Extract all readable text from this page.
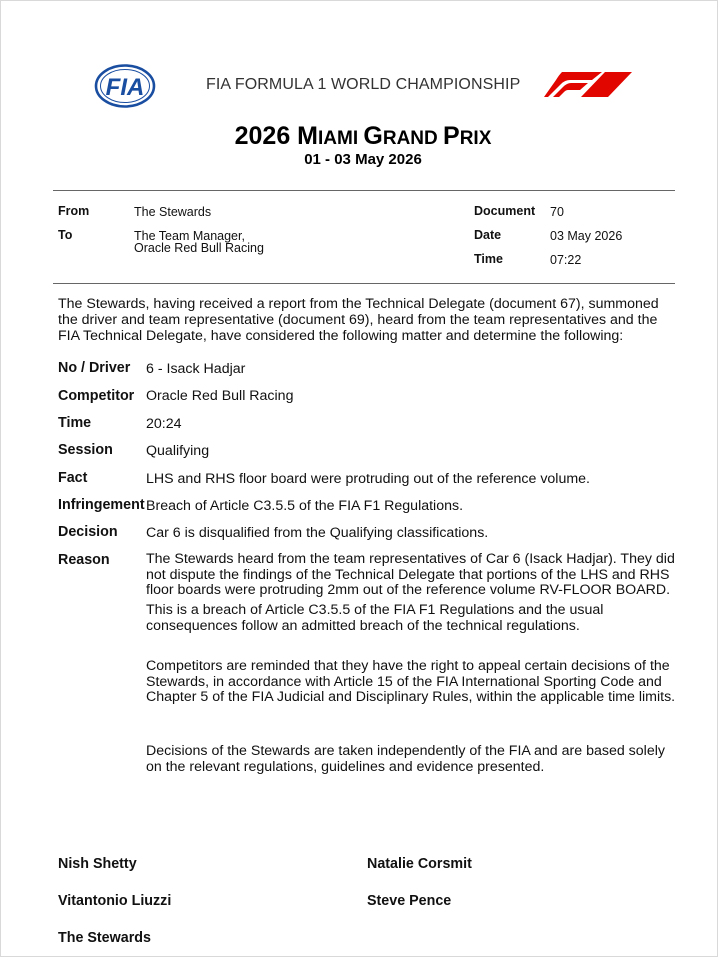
FIA	FIA FORMULA 1 WORLD CHAMPIONSHIP
2026 MIAMI GRAND PRIX
01 - 03 May 2026
From	The Stewards
To	The Team Manager,
Oracle Red Bull Racing
Document 70
Date	03 May 2026
Time	07:22
The Stewards, having received a report from the Technical Delegate (document 67), summoned the driver and team representative (document 69), heard from the team representatives and the FIA Technical Delegate, have considered the following matter and determine the following:
No / Driver 6 - Isack Hadjar
Competitor Oracle Red Bull Racing
Time	20:24
Session Qualifying
Fact	LHS and RHS floor board were protruding out of the reference volume.
Infringement Breach of Article C3.5.5 of the FIA F1 Regulations.
Decision Car 6 is disqualified from the Qualifying classifications.
Reason	The Stewards heard from the team representatives of Car 6 (Isack Hadjar). They did not dispute the findings of the Technical Delegate that portions of the LHS and RHS floor boards were protruding 2mm out of the reference volume RV-FLOOR BOARD.
This is a breach of Article C3.5.5 of the FIA F1 Regulations and the usual consequences follow an admitted breach of the technical regulations.
Competitors are reminded that they have the right to appeal certain decisions of the Stewards, in accordance with Article 15 of the FIA International Sporting Code and Chapter 5 of the FIA Judicial and Disciplinary Rules, within the applicable time limits.
Decisions of the Stewards are taken independently of the FIA and are based solely on the relevant regulations, guidelines and evidence presented.
Nish Shetty	Natalie Corsmit
Vitantonio Liuzzi	Steve Pence
The Stewards
